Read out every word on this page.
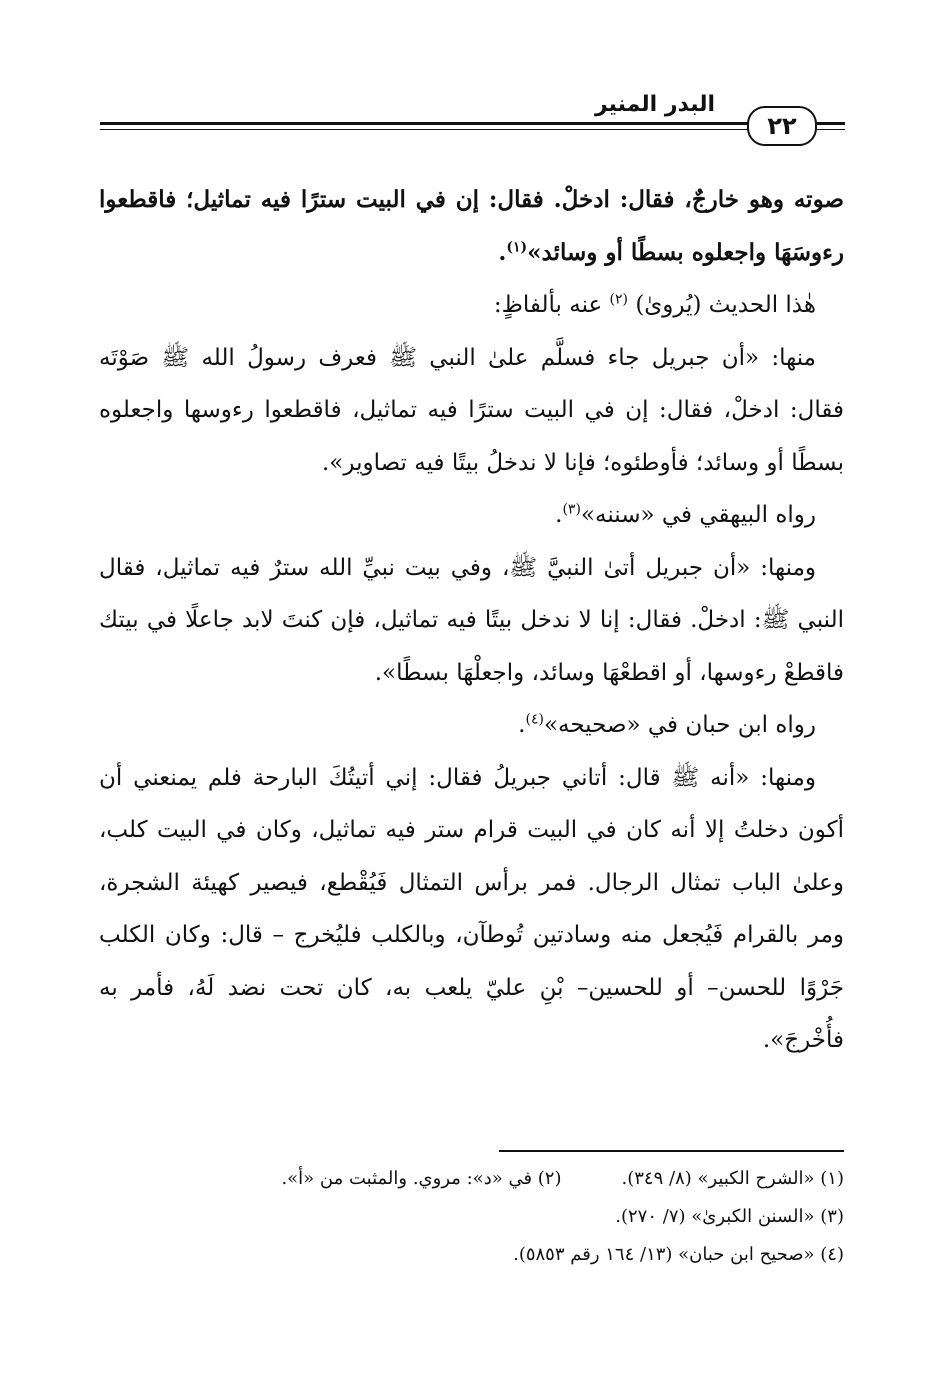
البدر المنير
٢٢

صوته وهو خارجٌ، فقال: ادخلْ. فقال: إن في البيت سترًا فيه تماثيل؛ فاقطعوا رءوسَهَا واجعلوه بسطًا أو وسائد»$^{(١)}$.

هٰذا الحديث (يُروىٰ) $^{(٢)}$ عنه بألفاظٍ:

منها: «أن جبريل جاء فسلَّم علىٰ النبي ﷺ فعرف رسولُ الله ﷺ صَوْتَه فقال: ادخلْ، فقال: إن في البيت سترًا فيه تماثيل، فاقطعوا رءوسها واجعلوه بسطًا أو وسائد؛ فأوطئوه؛ فإنا لا ندخلُ بيتًا فيه تصاوير».

رواه البيهقي في «سننه»$^{(٣)}$.

ومنها: «أن جبريل أتىٰ النبيَّ ﷺ، وفي بيت نبيِّ الله سترٌ فيه تماثيل، فقال النبي ﷺ: ادخلْ. فقال: إنا لا ندخل بيتًا فيه تماثيل، فإن كنتَ لابد جاعلًا في بيتك فاقطعْ رءوسها، أو اقطعْهَا وسائد، واجعلْهَا بسطًا».

رواه ابن حبان في «صحيحه»$^{(٤)}$.

ومنها: «أنه ﷺ قال: أتاني جبريلُ فقال: إني أتيتُكَ البارحة فلم يمنعني أن أكون دخلتُ إلا أنه كان في البيت قرام ستر فيه تماثيل، وكان في البيت كلب، وعلىٰ الباب تمثال الرجال. فمر برأس التمثال فَيُقْطع، فيصير كهيئة الشجرة، ومر بالقرام فَيُجعل منه وسادتين تُوطآن، وبالكلب فليُخرج – قال: وكان الكلب جَرْوًا للحسن– أو للحسين– بْنِ عليّ يلعب به، كان تحت نضد لَهُ، فأمر به فأُخْرجَ».

(١) «الشرح الكبير» (٨/ ٣٤٩).
(٢) في «د»: مروي. والمثبت من «أ».
(٣) «السنن الكبرىٰ» (٧/ ٢٧٠).
(٤) «صحيح ابن حبان» (١٣/ ١٦٤ رقم ٥٨٥٣).
